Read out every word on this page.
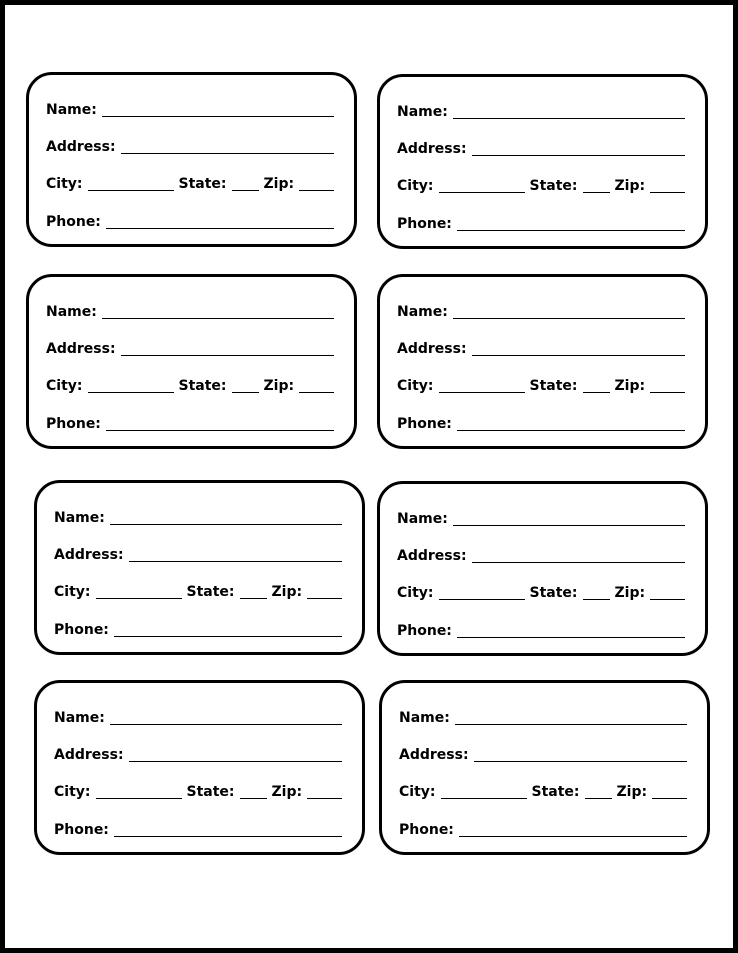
Name:
Address:
City:	State:	Zip:
Phone:
Name:
Address:
City:	State:	Zip:
Phone:
Name:
Address:
City:	State:	Zip:
Phone:
Name:
Address:
City:	State:	Zip:
Phone:
Name:
Address:
City:	State:	Zip:
Phone:
Name:
Address:
City:	State:	Zip:
Phone:
Name:
Address:
City:	State:	Zip:
Phone:
Name:
Address:
City:	State:	Zip:
Phone:
